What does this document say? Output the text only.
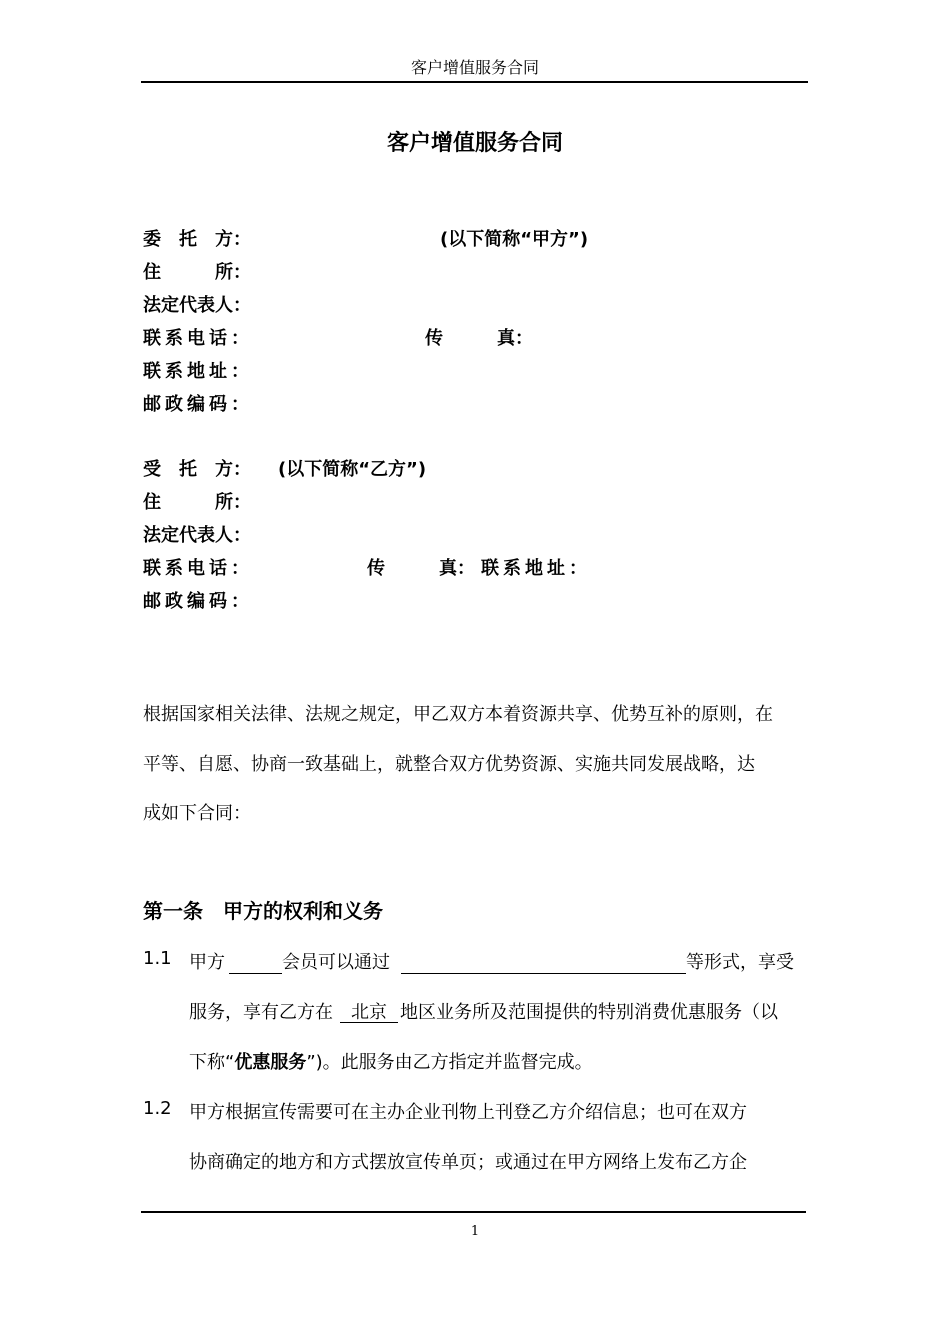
客户增值服务合同
客户增值服务合同
委　托　方：	(以下简称“甲方”)
住　　　所：
法定代表人：
联系电话：	传　　　真：
联系地址：
邮政编码：
受　托　方： (以下简称“乙方”)
住　　　所：
法定代表人：
联系电话：	传　　　真： 联系地址：
邮政编码：
根据国家相关法律、法规之规定，甲乙双方本着资源共享、优势互补的原则，在
平等、自愿、协商一致基础上，就整合双方优势资源、实施共同发展战略，达
成如下合同：
第一条　甲方的权利和义务
1.1 甲方	会员可以通过	等形式，享受
服务，享有乙方在	北京 地区业务所及范围提供的特别消费优惠服务（以
下称“优惠服务”)。此服务由乙方指定并监督完成。
1.2 甲方根据宣传需要可在主办企业刊物上刊登乙方介绍信息；也可在双方
协商确定的地方和方式摆放宣传单页；或通过在甲方网络上发布乙方企
1
